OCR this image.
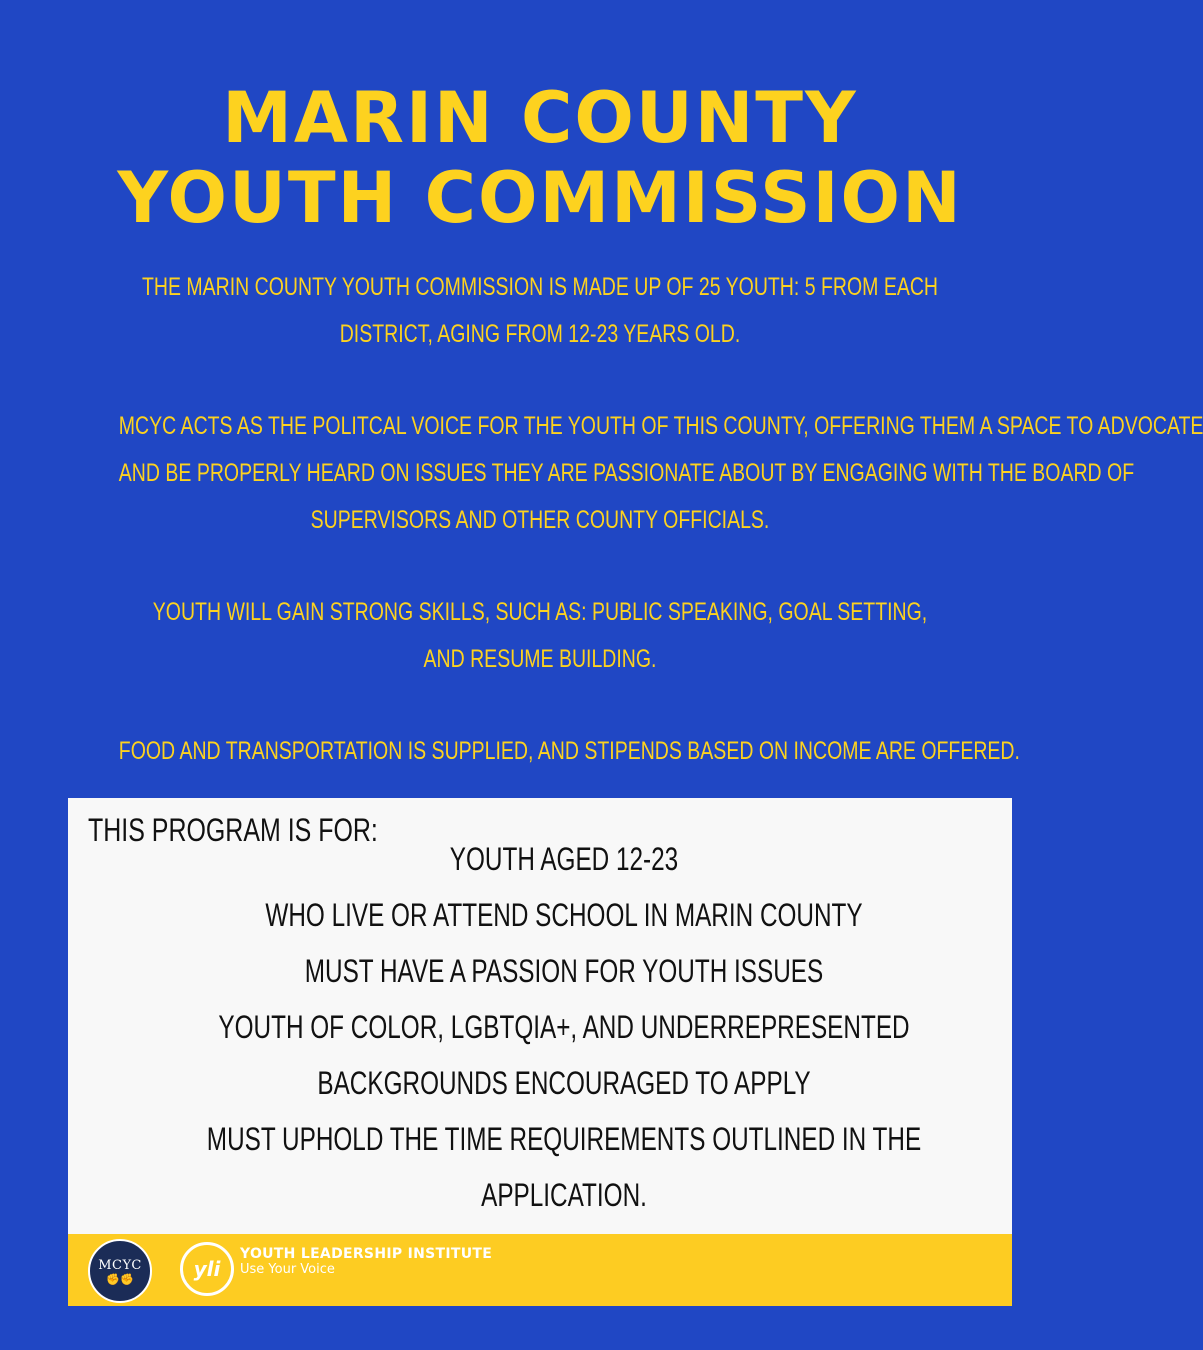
MARIN COUNTY
YOUTH COMMISSION

THE MARIN COUNTY YOUTH COMMISSION IS MADE UP OF 25 YOUTH: 5 FROM EACH
DISTRICT, AGING FROM 12-23 YEARS OLD.

MCYC ACTS AS THE POLITCAL VOICE FOR THE YOUTH OF THIS COUNTY, OFFERING THEM A SPACE TO ADVOCATE
AND BE PROPERLY HEARD ON ISSUES THEY ARE PASSIONATE ABOUT BY ENGAGING WITH THE BOARD OF
SUPERVISORS AND OTHER COUNTY OFFICIALS.

YOUTH WILL GAIN STRONG SKILLS, SUCH AS: PUBLIC SPEAKING, GOAL SETTING,
AND RESUME BUILDING.

FOOD AND TRANSPORTATION IS SUPPLIED, AND STIPENDS BASED ON INCOME ARE OFFERED.

THIS PROGRAM IS FOR:

YOUTH AGED 12-23
WHO LIVE OR ATTEND SCHOOL IN MARIN COUNTY
MUST HAVE A PASSION FOR YOUTH ISSUES
YOUTH OF COLOR, LGBTQIA+, AND UNDERREPRESENTED
BACKGROUNDS ENCOURAGED TO APPLY
MUST UPHOLD THE TIME REQUIREMENTS OUTLINED IN THE
APPLICATION.
MCYC
✊✊	yli
YOUTH LEADERSHIP INSTITUTE
Use Your Voice
